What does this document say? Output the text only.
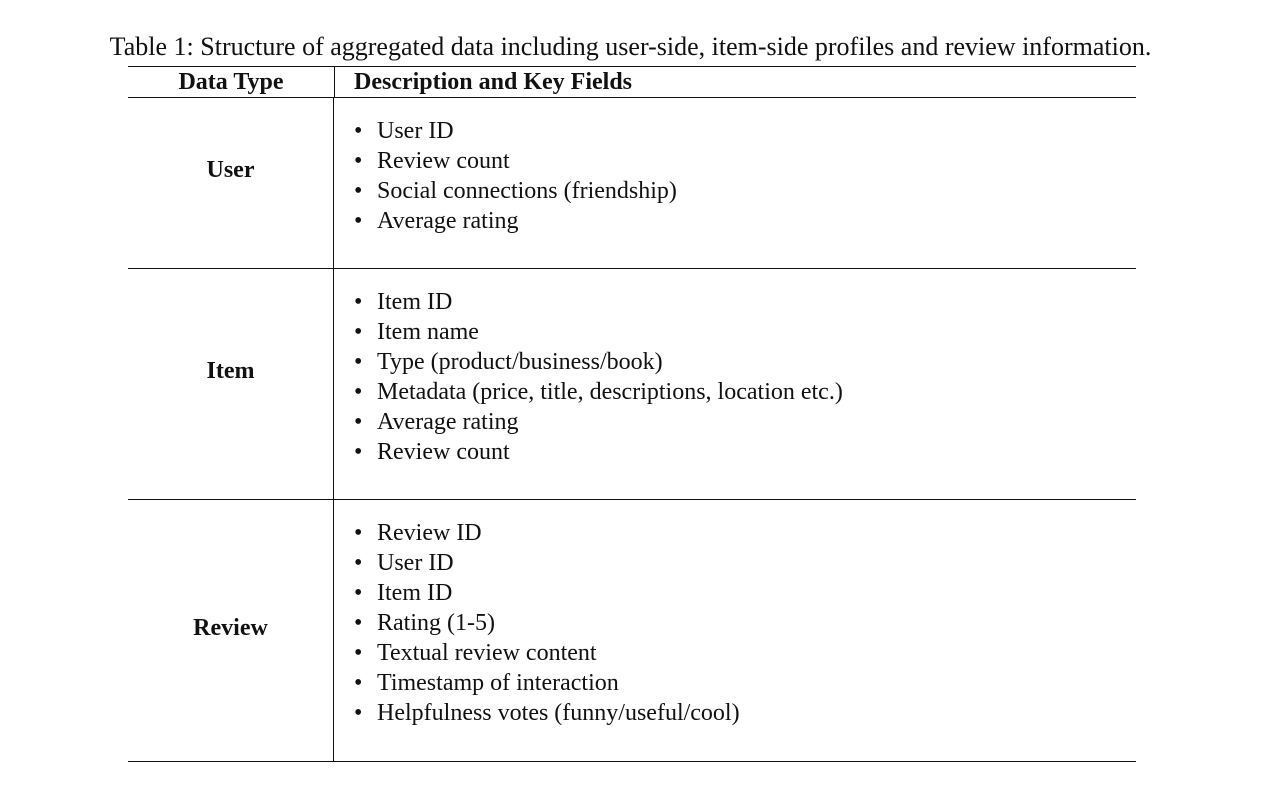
Table 1: Structure of aggregated data including user-side, item-side profiles and review information.
Data Type	Description and Key Fields
User
• User ID
• Review count
• Social connections (friendship)
• Average rating
Item
• Item ID
• Item name
• Type (product/business/book)
• Metadata (price, title, descriptions, location etc.)
• Average rating
• Review count
Review
• Review ID
• User ID
• Item ID
• Rating (1-5)
• Textual review content
• Timestamp of interaction
• Helpfulness votes (funny/useful/cool)
